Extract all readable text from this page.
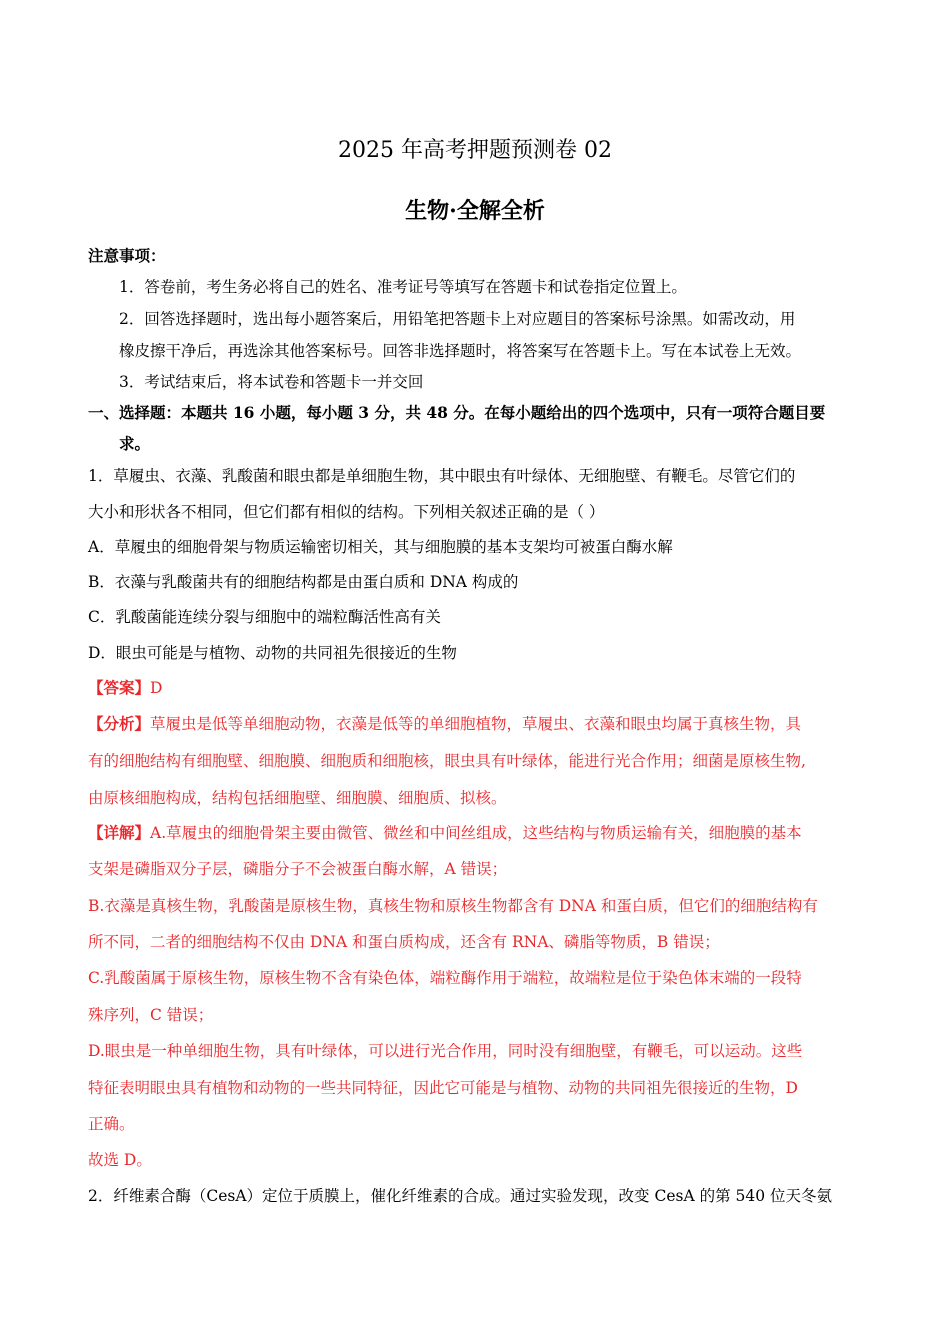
2025 年高考押题预测卷 02
生物·全解全析
注意事项：
1．答卷前，考生务必将自己的姓名、准考证号等填写在答题卡和试卷指定位置上。
2．回答选择题时，选出每小题答案后，用铅笔把答题卡上对应题目的答案标号涂黑。如需改动，用
橡皮擦干净后，再选涂其他答案标号。回答非选择题时，将答案写在答题卡上。写在本试卷上无效。
3．考试结束后，将本试卷和答题卡一并交回
一、选择题：本题共 16 小题，每小题 3 分，共 48 分。在每小题给出的四个选项中，只有一项符合题目要
求。
1．草履虫、衣藻、乳酸菌和眼虫都是单细胞生物，其中眼虫有叶绿体、无细胞壁、有鞭毛。尽管它们的
大小和形状各不相同，但它们都有相似的结构。下列相关叙述正确的是（ ）
A．草履虫的细胞骨架与物质运输密切相关，其与细胞膜的基本支架均可被蛋白酶水解
B．衣藻与乳酸菌共有的细胞结构都是由蛋白质和 DNA 构成的
C．乳酸菌能连续分裂与细胞中的端粒酶活性高有关
D．眼虫可能是与植物、动物的共同祖先很接近的生物
【答案】D
【分析】草履虫是低等单细胞动物，衣藻是低等的单细胞植物，草履虫、衣藻和眼虫均属于真核生物，具
有的细胞结构有细胞壁、细胞膜、细胞质和细胞核，眼虫具有叶绿体，能进行光合作用；细菌是原核生物,
由原核细胞构成，结构包括细胞壁、细胞膜、细胞质、拟核。
【详解】A.草履虫的细胞骨架主要由微管、微丝和中间丝组成，这些结构与物质运输有关，细胞膜的基本
支架是磷脂双分子层，磷脂分子不会被蛋白酶水解，A 错误；
B.衣藻是真核生物，乳酸菌是原核生物，真核生物和原核生物都含有 DNA 和蛋白质，但它们的细胞结构有
所不同，二者的细胞结构不仅由 DNA 和蛋白质构成，还含有 RNA、磷脂等物质，B 错误；
C.乳酸菌属于原核生物，原核生物不含有染色体，端粒酶作用于端粒，故端粒是位于染色体末端的一段特
殊序列，C 错误；
D.眼虫是一种单细胞生物，具有叶绿体，可以进行光合作用，同时没有细胞壁，有鞭毛，可以运动。这些
特征表明眼虫具有植物和动物的一些共同特征，因此它可能是与植物、动物的共同祖先很接近的生物，D
正确。
故选 D。
2．纤维素合酶（CesA）定位于质膜上，催化纤维素的合成。通过实验发现，改变 CesA 的第 540 位天冬氨
